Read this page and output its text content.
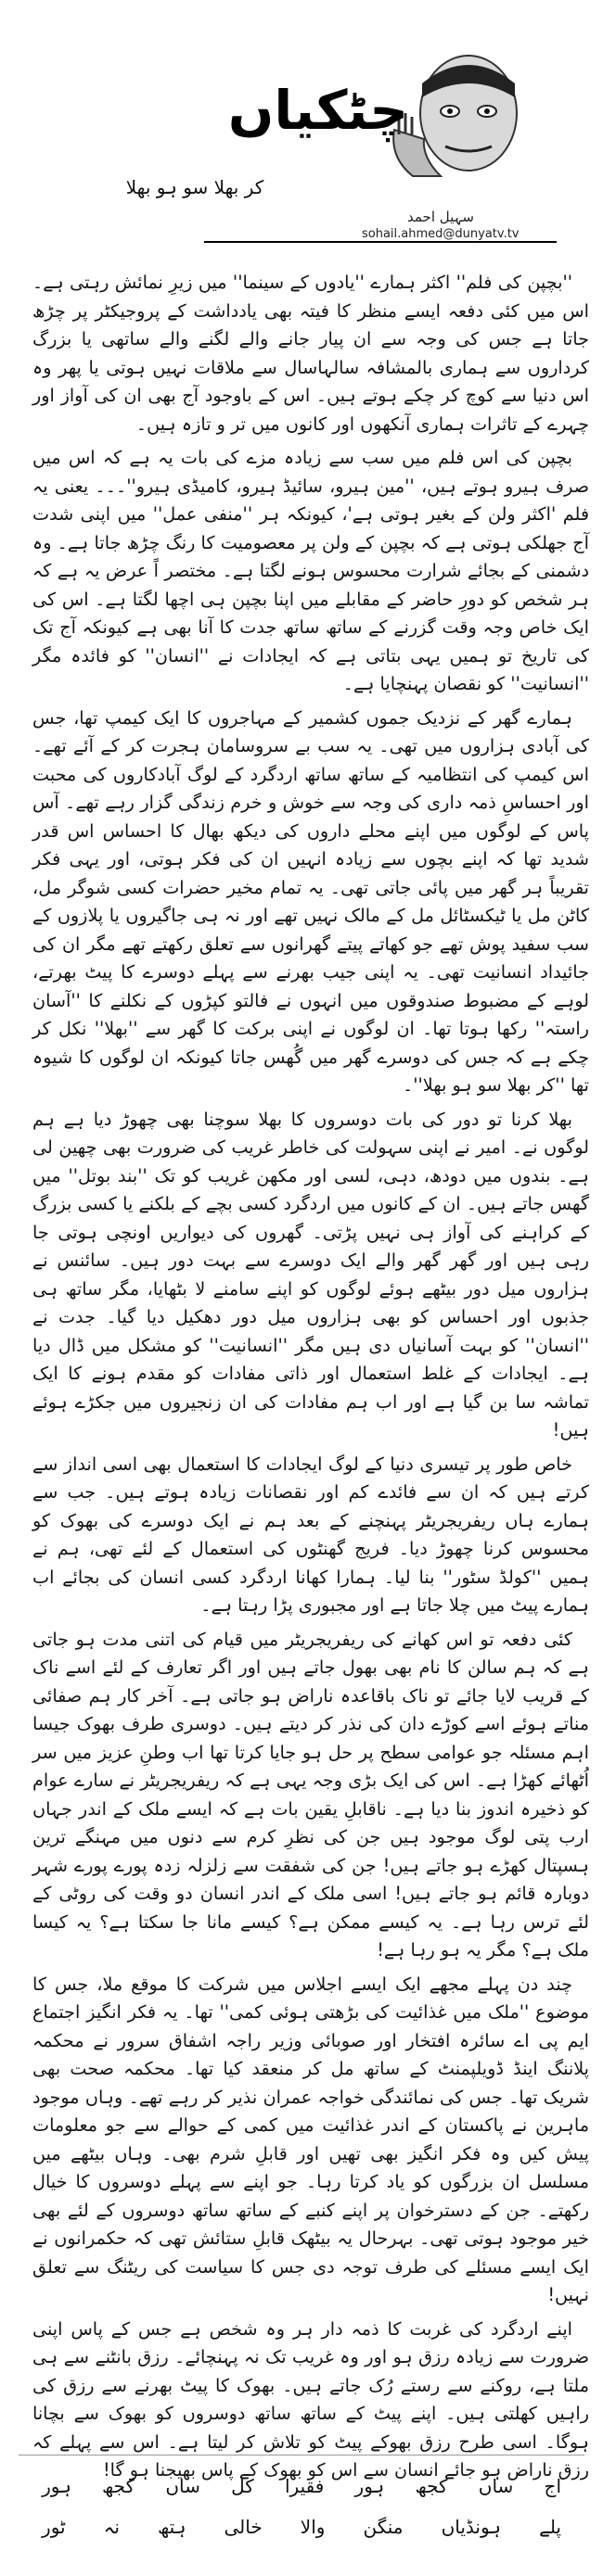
چٹکیاں
کر بھلا سو ہو بھلا
سہیل احمد
sohail.ahmed@dunyatv.tv

''بچپن کی فلم'' اکثر ہمارے ''یادوں کے سینما'' میں زیرِ نمائش رہتی ہے۔ اس میں کئی دفعہ ایسے منظر کا فیتہ بھی یادداشت کے پروجیکٹر پر چڑھ جاتا ہے جس کی وجہ سے ان پیار جانے والے لگنے والے ساتھی یا بزرگ کرداروں سے ہماری بالمشافہ سالہاسال سے ملاقات نہیں ہوتی یا پھر وہ اس دنیا سے کوچ کر چکے ہوتے ہیں۔ اس کے باوجود آج بھی ان کی آواز اور چہرے کے تاثرات ہماری آنکھوں اور کانوں میں تر و تازہ ہیں۔

بچپن کی اس فلم میں سب سے زیادہ مزے کی بات یہ ہے کہ اس میں صرف ہیرو ہوتے ہیں، ''مین ہیرو، سائیڈ ہیرو، کامیڈی ہیرو''۔۔۔ یعنی یہ فلم 'اکثر ولن کے بغیر ہوتی ہے'، کیونکہ ہر ''منفی عمل'' میں اپنی شدت آج جھلکی ہوتی ہے کہ بچپن کے ولن پر معصومیت کا رنگ چڑھ جاتا ہے۔ وہ دشمنی کے بجائے شرارت محسوس ہونے لگتا ہے۔ مختصر اً عرض یہ ہے کہ ہر شخص کو دورِ حاضر کے مقابلے میں اپنا بچپن ہی اچھا لگتا ہے۔ اس کی ایک خاص وجہ وقت گزرنے کے ساتھ ساتھ جدت کا آنا بھی ہے کیونکہ آج تک کی تاریخ تو ہمیں یہی بتاتی ہے کہ ایجادات نے ''انسان'' کو فائدہ مگر ''انسانیت'' کو نقصان پہنچایا ہے۔

ہمارے گھر کے نزدیک جموں کشمیر کے مہاجروں کا ایک کیمپ تھا، جس کی آبادی ہزاروں میں تھی۔ یہ سب بے سروسامان ہجرت کر کے آئے تھے۔ اس کیمپ کی انتظامیہ کے ساتھ ساتھ اردگرد کے لوگ آبادکاروں کی محبت اور احساسِ ذمہ داری کی وجہ سے خوش و خرم زندگی گزار رہے تھے۔ آس پاس کے لوگوں میں اپنے محلے داروں کی دیکھ بھال کا احساس اس قدر شدید تھا کہ اپنے بچوں سے زیادہ انہیں ان کی فکر ہوتی، اور یہی فکر تقریباً ہر گھر میں پائی جاتی تھی۔ یہ تمام مخیر حضرات کسی شوگر مل، کاٹن مل یا ٹیکسٹائل مل کے مالک نہیں تھے اور نہ ہی جاگیروں یا پلازوں کے سب سفید پوش تھے جو کھاتے پیتے گھرانوں سے تعلق رکھتے تھے مگر ان کی جائیداد انسانیت تھی۔ یہ اپنی جیب بھرنے سے پہلے دوسرے کا پیٹ بھرتے، لوہے کے مضبوط صندوقوں میں انہوں نے فالتو کپڑوں کے نکلنے کا ''آسان راستہ'' رکھا ہوتا تھا۔ ان لوگوں نے اپنی برکت کا گھر سے ''بھلا'' نکل کر چکے ہے کہ جس کی دوسرے گھر میں گُھس جاتا کیونکہ ان لوگوں کا شیوہ تھا ''کر بھلا سو ہو بھلا''۔

بھلا کرنا تو دور کی بات دوسروں کا بھلا سوچنا بھی چھوڑ دیا ہے ہم لوگوں نے۔ امیر نے اپنی سہولت کی خاطر غریب کی ضرورت بھی چھین لی ہے۔ بندوں میں دودھ، دہی، لسی اور مکھن غریب کو تک ''بند بوتل'' میں گھس جاتے ہیں۔ ان کے کانوں میں اردگرد کسی بچے کے بلکنے یا کسی بزرگ کے کراہنے کی آواز ہی نہیں پڑتی۔ گھروں کی دیواریں اونچی ہوتی جا رہی ہیں اور گھر گھر والے ایک دوسرے سے بہت دور ہیں۔ سائنس نے ہزاروں میل دور بیٹھے ہوئے لوگوں کو اپنے سامنے لا بٹھایا، مگر ساتھ ہی جذبوں اور احساس کو بھی ہزاروں میل دور دھکیل دیا گیا۔ جدت نے ''انسان'' کو بہت آسانیاں دی ہیں مگر ''انسانیت'' کو مشکل میں ڈال دیا ہے۔ ایجادات کے غلط استعمال اور ذاتی مفادات کو مقدم ہونے کا ایک تماشہ سا بن گیا ہے اور اب ہم مفادات کی ان زنجیروں میں جکڑے ہوئے ہیں!

خاص طور پر تیسری دنیا کے لوگ ایجادات کا استعمال بھی اسی انداز سے کرتے ہیں کہ ان سے فائدے کم اور نقصانات زیادہ ہوتے ہیں۔ جب سے ہمارے ہاں ریفریجریٹر پہنچنے کے بعد ہم نے ایک دوسرے کی بھوک کو محسوس کرنا چھوڑ دیا۔ فریج گھنٹوں کی استعمال کے لئے تھی، ہم نے ہمیں ''کولڈ سٹور'' بنا لیا۔ ہمارا کھانا اردگرد کسی انسان کی بجائے اب ہمارے پیٹ میں چلا جاتا ہے اور مجبوری پڑا رہتا ہے۔

کئی دفعہ تو اس کھانے کی ریفریجریٹر میں قیام کی اتنی مدت ہو جاتی ہے کہ ہم سالن کا نام بھی بھول جاتے ہیں اور اگر تعارف کے لئے اسے ناک کے قریب لایا جائے تو ناک باقاعدہ ناراض ہو جاتی ہے۔ آخر کار ہم صفائی مناتے ہوئے اسے کوڑے دان کی نذر کر دیتے ہیں۔ دوسری طرف بھوک جیسا اہم مسئلہ جو عوامی سطح پر حل ہو جایا کرتا تھا اب وطنِ عزیز میں سر اُٹھائے کھڑا ہے۔ اس کی ایک بڑی وجہ یہی ہے کہ ریفریجریٹر نے سارے عوام کو ذخیرہ اندوز بنا دیا ہے۔ ناقابلِ یقین بات ہے کہ ایسے ملک کے اندر جہاں ارب پتی لوگ موجود ہیں جن کی نظرِ کرم سے دنوں میں مہنگے ترین ہسپتال کھڑے ہو جاتے ہیں! جن کی شفقت سے زلزلہ زدہ پورے پورے شہر دوبارہ قائم ہو جاتے ہیں! اسی ملک کے اندر انسان دو وقت کی روٹی کے لئے ترس رہا ہے۔ یہ کیسے ممکن ہے؟ کیسے مانا جا سکتا ہے؟ یہ کیسا ملک ہے؟ مگر یہ ہو رہا ہے!

چند دن پہلے مجھے ایک ایسے اجلاس میں شرکت کا موقع ملا، جس کا موضوع ''ملک میں غذائیت کی بڑھتی ہوئی کمی'' تھا۔ یہ فکر انگیز اجتماع ایم پی اے سائرہ افتخار اور صوبائی وزیر راجہ اشفاق سرور نے محکمہ پلاننگ اینڈ ڈویلپمنٹ کے ساتھ مل کر منعقد کیا تھا۔ محکمہ صحت بھی شریک تھا۔ جس کی نمائندگی خواجہ عمران نذیر کر رہے تھے۔ وہاں موجود ماہرین نے پاکستان کے اندر غذائیت میں کمی کے حوالے سے جو معلومات پیش کیں وہ فکر انگیز بھی تھیں اور قابلِ شرم بھی۔ وہاں بیٹھے میں مسلسل ان بزرگوں کو یاد کرتا رہا۔ جو اپنے سے پہلے دوسروں کا خیال رکھتے۔ جن کے دسترخوان پر اپنے کنبے کے ساتھ ساتھ دوسروں کے لئے بھی خیر موجود ہوتی تھی۔ بہرحال یہ بیٹھک قابلِ ستائش تھی کہ حکمرانوں نے ایک ایسے مسئلے کی طرف توجہ دی جس کا سیاست کی ریٹنگ سے تعلق نہیں!

اپنے اردگرد کی غربت کا ذمہ دار ہر وہ شخص ہے جس کے پاس اپنی ضرورت سے زیادہ رزق ہو اور وہ غریب تک نہ پہنچائے۔ رزق بانٹنے سے ہی ملتا ہے، روکنے سے رستے رُک جاتے ہیں۔ بھوک کا پیٹ بھرنے سے رزق کی راہیں کھلتی ہیں۔ اپنے پیٹ کے ساتھ ساتھ دوسروں کو بھوک سے بچانا ہوگا۔ اسی طرح رزق بھوکے پیٹ کو تلاش کر لیتا ہے۔ اس سے پہلے کہ رزق ناراض ہو جائے انسان سے اس کو بھوک کے پاس بھیجنا ہو گا!

اج
ساں
کجھ
ہور
فقیرا
کل
ساں
کجھ
ہور
پلے
ہونڈیاں
منگن
والا
خالی
ہتھ
نہ
ٹور
